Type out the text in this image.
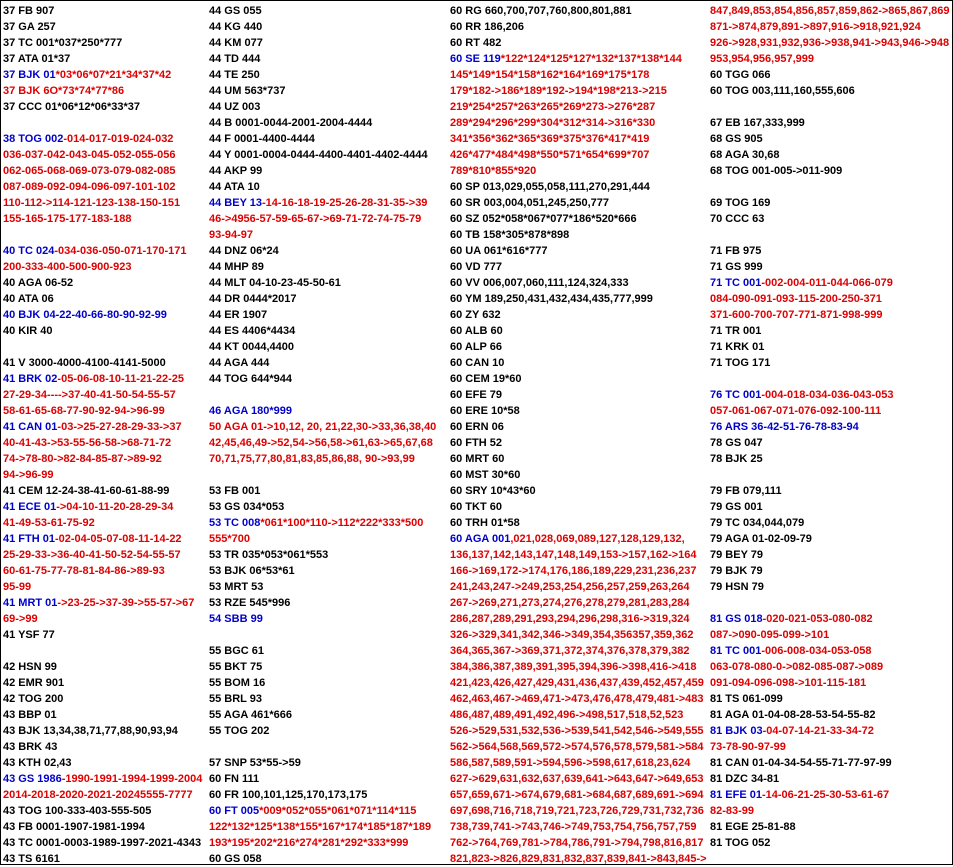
37 FB 907
37 GA 257
37 TC 001*037*250*777
37 ATA 01*37
37 BJK 01*03*06*07*21*34*37*42
37 BJK 6O*73*74*77*86
37 CCC 01*06*12*06*33*37
38 TOG 002-014-017-019-024-032
036-037-042-043-045-052-055-056
062-065-068-069-073-079-082-085
087-089-092-094-096-097-101-102
110-112->114-121-123-138-150-151
155-165-175-177-183-188
40 TC 024-034-036-050-071-170-171
200-333-400-500-900-923
40 AGA 06-52
40 ATA 06
40 BJK 04-22-40-66-80-90-92-99
40 KIR 40
41 V 3000-4000-4100-4141-5000
41 BRK 02-05-06-08-10-11-21-22-25
27-29-34---->37-40-41-50-54-55-57
58-61-65-68-77-90-92-94->96-99
41 CAN 01-03->25-27-28-29-33->37
40-41-43->53-55-56-58->68-71-72
74->78-80->82-84-85-87->89-92
94->96-99
41 CEM 12-24-38-41-60-61-88-99
41 ECE 01->04-10-11-20-28-29-34
41-49-53-61-75-92
41 FTH 01-02-04-05-07-08-11-14-22
25-29-33->36-40-41-50-52-54-55-57
60-61-75-77-78-81-84-86->89-93
95-99
41 MRT 01->23-25->37-39->55-57->67
69->99
41 YSF 77
42 HSN 99
42 EMR 901
42 TOG 200
43 BBP 01
43 BJK 13,34,38,71,77,88,90,93,94
43 BRK 43
43 KTH 02,43
43 GS 1986-1990-1991-1994-1999-2004
2014-2018-2020-2021-20245555-7777
43 TOG 100-333-403-555-505
43 FB 0001-1907-1981-1994
43 TC 0001-0003-1989-1997-2021-4343
43 TS 6161
44 GS 055
44 KG 440
44 KM 077
44 TD 444
44 TE 250
44 UM 563*737
44 UZ 003
44 B 0001-0044-2001-2004-4444
44 F 0001-4400-4444
44 Y 0001-0004-0444-4400-4401-4402-4444
44 AKP 99
44 ATA 10
44 BEY 13-14-16-18-19-25-26-28-31-35->39
46->4956-57-59-65-67->69-71-72-74-75-79
93-94-97
44 DNZ 06*24
44 MHP 89
44 MLT 04-10-23-45-50-61
44 DR 0444*2017
44 ER 1907
44 ES 4406*4434
44 KT 0044,4400
44 AGA 444
44 TOG 644*944
46 AGA 180*999
50 AGA 01->10,12, 20, 21,22,30->33,36,38,40
42,45,46,49->52,54->56,58->61,63->65,67,68
70,71,75,77,80,81,83,85,86,88, 90->93,99
53 FB 001
53 GS 034*053
53 TC 008*061*100*110->112*222*333*500
555*700
53 TR 035*053*061*553
53 BJK 06*53*61
53 MRT 53
53 RZE 545*996
54 SBB 99
55 BGC 61
55 BKT 75
55 BOM 16
55 BRL 93
55 AGA 461*666
55 TOG 202
57 SNP 53*55->59
60 FN 111
60 FR 100,101,125,170,173,175
60 FT 005*009*052*055*061*071*114*115
122*132*125*138*155*167*174*185*187*189
193*195*202*216*274*281*292*333*999
60 GS 058
60 RG 660,700,707,760,800,801,881
60 RR 186,206
60 RT 482
60 SE 119*122*124*125*127*132*137*138*144
145*149*154*158*162*164*169*175*178
179*182->186*189*192->194*198*213->215
219*254*257*263*265*269*273->276*287
289*294*296*299*304*312*314->316*330
341*356*362*365*369*375*376*417*419
426*477*484*498*550*571*654*699*707
789*810*855*920
60 SP 013,029,055,058,111,270,291,444
60 SR 003,004,051,245,250,777
60 SZ 052*058*067*077*186*520*666
60 TB 158*305*878*898
60 UA 061*616*777
60 VD 777
60 VV 006,007,060,111,124,324,333
60 YM 189,250,431,432,434,435,777,999
60 ZY 632
60 ALB 60
60 ALP 66
60 CAN 10
60 CEM 19*60
60 EFE 79
60 ERE 10*58
60 ERN 06
60 FTH 52
60 MRT 60
60 MST 30*60
60 SRY 10*43*60
60 TKT 60
60 TRH 01*58
60 AGA 001,021,028,069,089,127,128,129,132,
136,137,142,143,147,148,149,153->157,162->164
166->169,172->174,176,186,189,229,231,236,237
241,243,247->249,253,254,256,257,259,263,264
267->269,271,273,274,276,278,279,281,283,284
286,287,289,291,293,294,296,298,316->319,324
326->329,341,342,346->349,354,356357,359,362
364,365,367->369,371,372,374,376,378,379,382
384,386,387,389,391,395,394,396->398,416->418
421,423,426,427,429,431,436,437,439,452,457,459
462,463,467->469,471->473,476,478,479,481->483
486,487,489,491,492,496->498,517,518,52,523
526->529,531,532,536->539,541,542,546->549,555
562->564,568,569,572->574,576,578,579,581->584
586,587,589,591->594,596->598,617,618,23,624
627->629,631,632,637,639,641->643,647->649,653
657,659,671->674,679,681->684,687,689,691->694
697,698,716,718,719,721,723,726,729,731,732,736
738,739,741->743,746->749,753,754,756,757,759
762->764,769,781->784,786,791->794,798,816,817
821,823->826,829,831,832,837,839,841->843,845->
847,849,853,854,856,857,859,862->865,867,869
871->874,879,891->897,916->918,921,924
926->928,931,932,936->938,941->943,946->948
953,954,956,957,999
60 TGG 066
60 TOG 003,111,160,555,606
67 EB 167,333,999
68 GS 905
68 AGA 30,68
68 TOG 001-005->011-909
69 TOG 169
70 CCC 63
71 FB 975
71 GS 999
71 TC 001-002-004-011-044-066-079
084-090-091-093-115-200-250-371
371-600-700-707-771-871-998-999
71 TR 001
71 KRK 01
71 TOG 171
76 TC 001-004-018-034-036-043-053
057-061-067-071-076-092-100-111
76 ARS 36-42-51-76-78-83-94
78 GS 047
78 BJK 25
79 FB 079,111
79 GS 001
79 TC 034,044,079
79 AGA 01-02-09-79
79 BEY 79
79 BJK 79
79 HSN 79
81 GS 018-020-021-053-080-082
087->090-095-099->101
81 TC 001-006-008-034-053-058
063-078-080-0->082-085-087->089
091-094-096-098->101-115-181
81 TS 061-099
81 AGA 01-04-08-28-53-54-55-82
81 BJK 03-04-07-14-21-33-34-72
73-78-90-97-99
81 CAN 01-04-34-54-55-71-77-97-99
81 DZC 34-81
81 EFE 01-14-06-21-25-30-53-61-67
82-83-99
81 EGE 25-81-88
81 TOG 052
